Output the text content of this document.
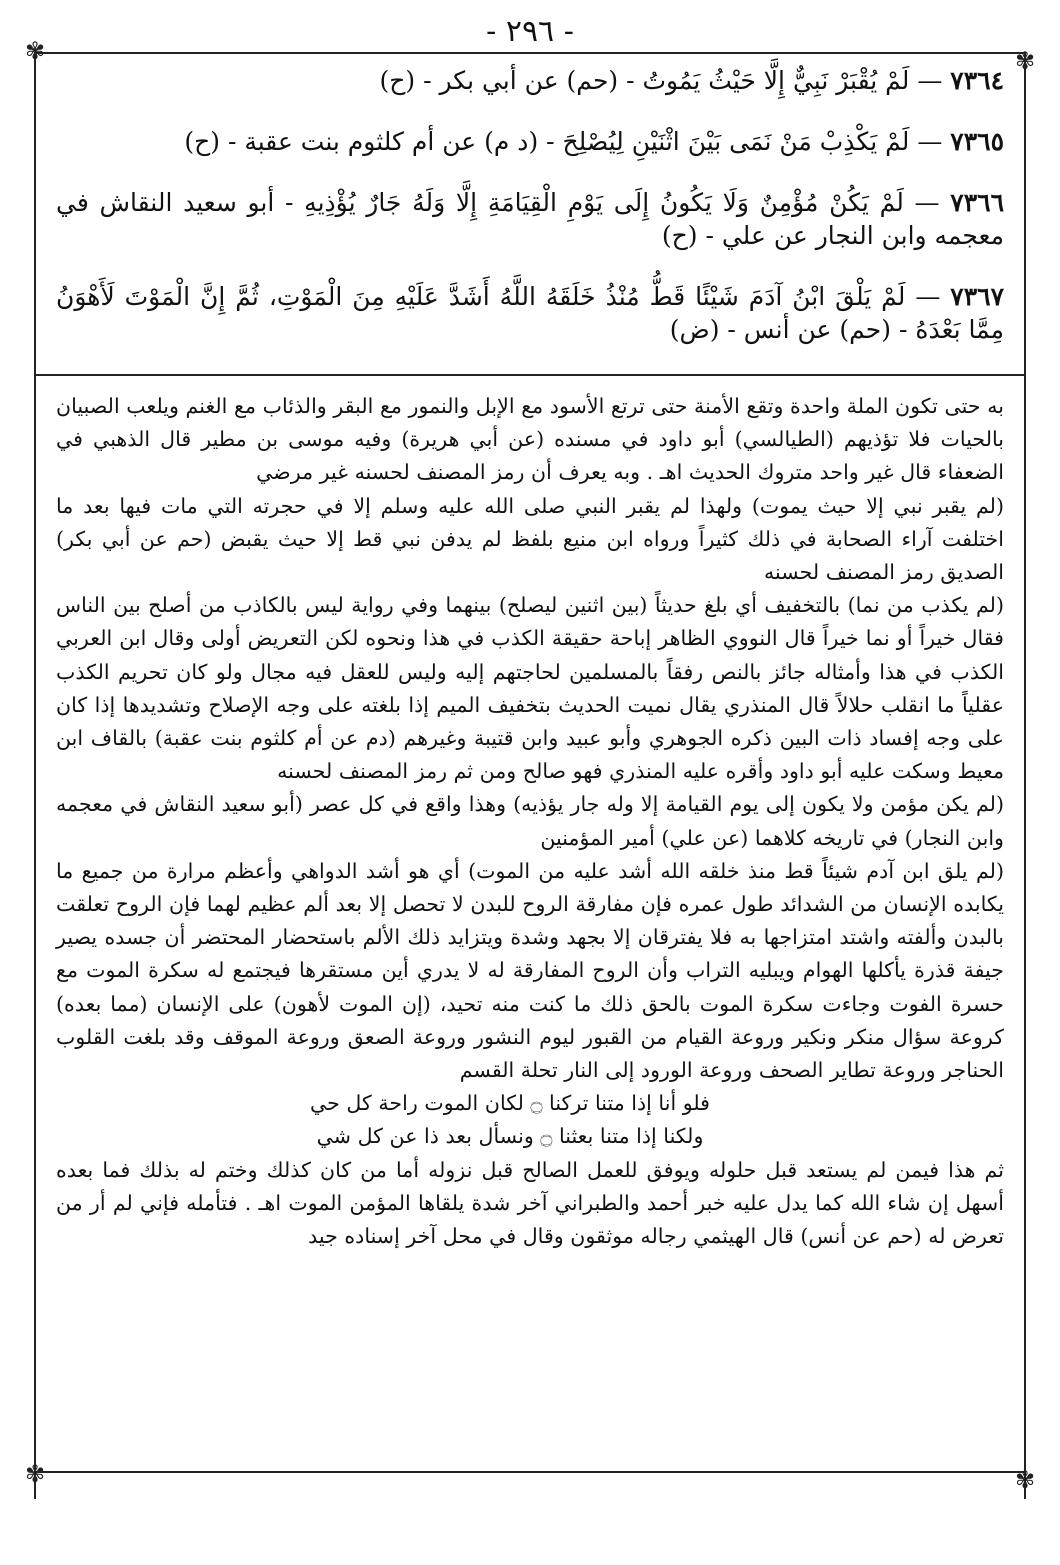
✾	✾
✾	✾
- ٢٩٦ -

٧٣٦٤ — لَمْ يُقْبَرْ نَبِيٌّ إِلَّا حَيْثُ يَمُوتُ - (حم) عن أبي بكر - (ح)

٧٣٦٥ — لَمْ يَكْذِبْ مَنْ نَمَى بَيْنَ اثْنَيْنِ لِيُصْلِحَ - (د م) عن أم كلثوم بنت عقبة - (ح)

٧٣٦٦ — لَمْ يَكُنْ مُؤْمِنٌ وَلَا يَكُونُ إِلَى يَوْمِ الْقِيَامَةِ إِلَّا وَلَهُ جَارٌ يُؤْذِيهِ - أبو سعيد النقاش في معجمه وابن النجار عن علي - (ح)

٧٣٦٧ — لَمْ يَلْقَ ابْنُ آدَمَ شَيْئًا قَطُّ مُنْذُ خَلَقَهُ اللَّهُ أَشَدَّ عَلَيْهِ مِنَ الْمَوْتِ، ثُمَّ إِنَّ الْمَوْتَ لَأَهْوَنُ مِمَّا بَعْدَهُ - (حم) عن أنس - (ض)

به حتى تكون الملة واحدة وتقع الأمنة حتى ترتع الأسود مع الإبل والنمور مع البقر والذئاب مع الغنم ويلعب الصبيان بالحيات فلا تؤذيهم (الطيالسي) أبو داود في مسنده (عن أبي هريرة) وفيه موسى بن مطير قال الذهبي في الضعفاء قال غير واحد متروك الحديث اهـ . وبه يعرف أن رمز المصنف لحسنه غير مرضي

(لم يقبر نبي إلا حيث يموت) ولهذا لم يقبر النبي صلى الله عليه وسلم إلا في حجرته التي مات فيها بعد ما اختلفت آراء الصحابة في ذلك كثيراً ورواه ابن منيع بلفظ لم يدفن نبي قط إلا حيث يقبض (حم عن أبي بكر) الصديق رمز المصنف لحسنه

(لم يكذب من نما) بالتخفيف أي بلغ حديثاً (بين اثنين ليصلح) بينهما وفي رواية ليس بالكاذب من أصلح بين الناس فقال خيراً أو نما خيراً قال النووي الظاهر إباحة حقيقة الكذب في هذا ونحوه لكن التعريض أولى وقال ابن العربي الكذب في هذا وأمثاله جائز بالنص رفقاً بالمسلمين لحاجتهم إليه وليس للعقل فيه مجال ولو كان تحريم الكذب عقلياً ما انقلب حلالاً قال المنذري يقال نميت الحديث بتخفيف الميم إذا بلغته على وجه الإصلاح وتشديدها إذا كان على وجه إفساد ذات البين ذكره الجوهري وأبو عبيد وابن قتيبة وغيرهم (دم عن أم كلثوم بنت عقبة) بالقاف ابن معيط وسكت عليه أبو داود وأقره عليه المنذري فهو صالح ومن ثم رمز المصنف لحسنه

(لم يكن مؤمن ولا يكون إلى يوم القيامة إلا وله جار يؤذيه) وهذا واقع في كل عصر (أبو سعيد النقاش في معجمه وابن النجار) في تاريخه كلاهما (عن علي) أمير المؤمنين

(لم يلق ابن آدم شيئاً قط منذ خلقه الله أشد عليه من الموت) أي هو أشد الدواهي وأعظم مرارة من جميع ما يكابده الإنسان من الشدائد طول عمره فإن مفارقة الروح للبدن لا تحصل إلا بعد ألم عظيم لهما فإن الروح تعلقت بالبدن وألفته واشتد امتزاجها به فلا يفترقان إلا بجهد وشدة ويتزايد ذلك الألم باستحضار المحتضر أن جسده يصير جيفة قذرة يأكلها الهوام ويبليه التراب وأن الروح المفارقة له لا يدري أين مستقرها فيجتمع له سكرة الموت مع حسرة الفوت وجاءت سكرة الموت بالحق ذلك ما كنت منه تحيد، (إن الموت لأهون) على الإنسان (مما بعده) كروعة سؤال منكر ونكير وروعة القيام من القبور ليوم النشور وروعة الصعق وروعة الموقف وقد بلغت القلوب الحناجر وروعة تطاير الصحف وروعة الورود إلى النار تحلة القسم

فلو أنا إذا متنا تركنا ۝ لكان الموت راحة كل حي

ولكنا إذا متنا بعثنا ۝ ونسأل بعد ذا عن كل شي

ثم هذا فيمن لم يستعد قبل حلوله ويوفق للعمل الصالح قبل نزوله أما من كان كذلك وختم له بذلك فما بعده أسهل إن شاء الله كما يدل عليه خبر أحمد والطبراني آخر شدة يلقاها المؤمن الموت اهـ . فتأمله فإني لم أر من تعرض له (حم عن أنس) قال الهيثمي رجاله موثقون وقال في محل آخر إسناده جيد
